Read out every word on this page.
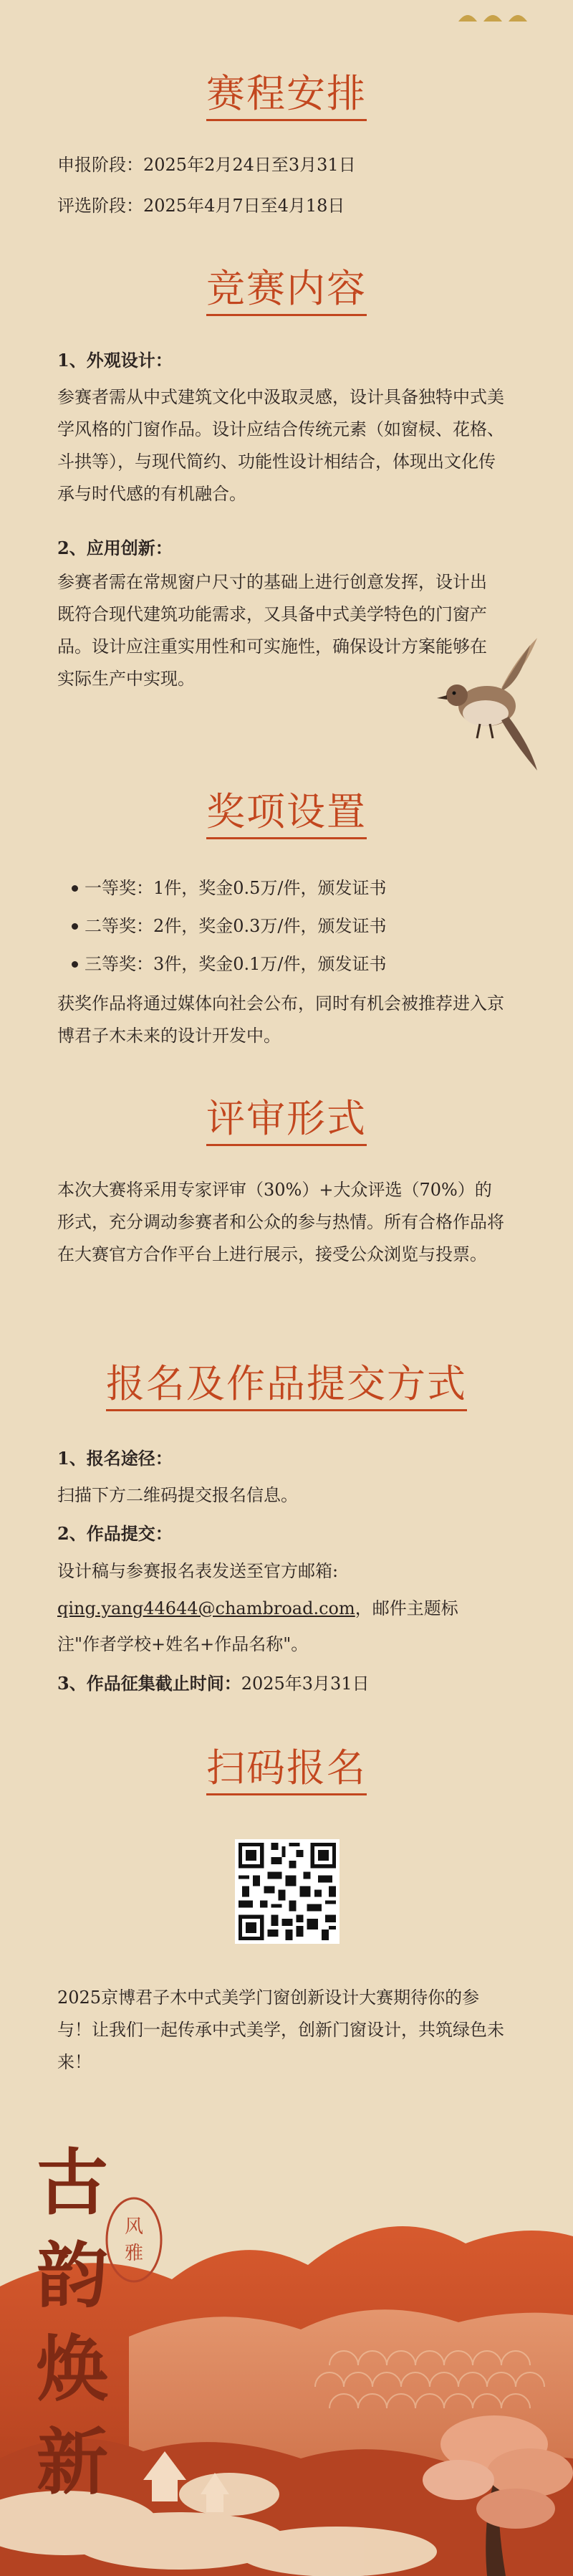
赛程安排
申报阶段：2025年2月24日至3月31日
评选阶段：2025年4月7日至4月18日
竞赛内容
1、外观设计：
参赛者需从中式建筑文化中汲取灵感，设计具备独特中式美学风格的门窗作品。设计应结合传统元素（如窗棂、花格、斗拱等），与现代简约、功能性设计相结合，体现出文化传承与时代感的有机融合。
2、应用创新：
参赛者需在常规窗户尺寸的基础上进行创意发挥，设计出既符合现代建筑功能需求，又具备中式美学特色的门窗产品。设计应注重实用性和可实施性，确保设计方案能够在实际生产中实现。
奖项设置
一等奖：1件，奖金0.5万/件，颁发证书
二等奖：2件，奖金0.3万/件，颁发证书
三等奖：3件，奖金0.1万/件，颁发证书
获奖作品将通过媒体向社会公布，同时有机会被推荐进入京博君子木未来的设计开发中。
评审形式
本次大赛将采用专家评审（30%）+大众评选（70%）的形式，充分调动参赛者和公众的参与热情。所有合格作品将在大赛官方合作平台上进行展示，接受公众浏览与投票。
报名及作品提交方式
1、报名途径：
扫描下方二维码提交报名信息。
2、作品提交：
设计稿与参赛报名表发送至官方邮箱:
qing.yang44644@chambroad.com，邮件主题标
注"作者学校+姓名+作品名称"。
3、作品征集截止时间：2025年3月31日
扫码报名
2025京博君子木中式美学门窗创新设计大赛期待你的参与！让我们一起传承中式美学，创新门窗设计，共筑绿色未来！
古
韵
焕
新
风
雅
